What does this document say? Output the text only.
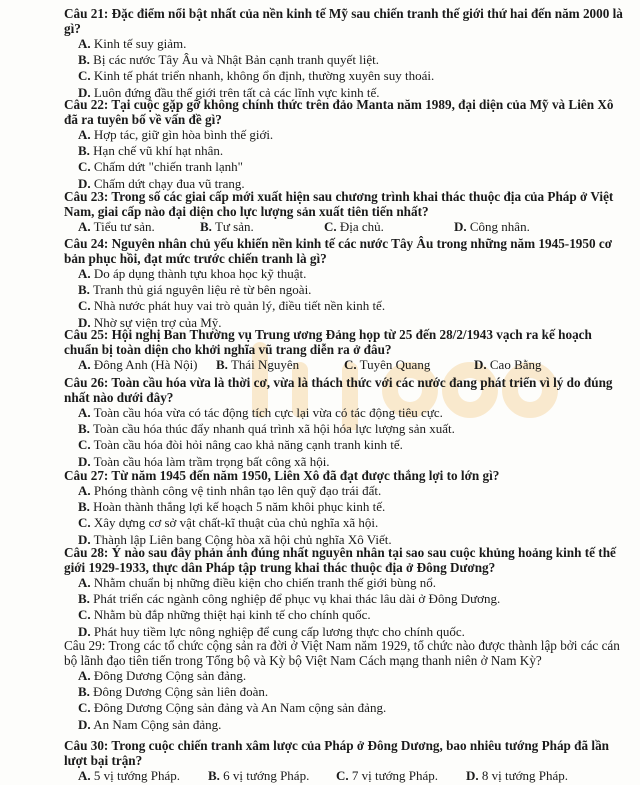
Câu 21: Đặc điểm nổi bật nhất của nền kinh tế Mỹ sau chiến tranh thế giới thứ hai đến năm 2000 là gì?

A. Kinh tế suy giảm.
B. Bị các nước Tây Âu và Nhật Bản cạnh tranh quyết liệt.
C. Kinh tế phát triển nhanh, không ổn định, thường xuyên suy thoái.
D. Luôn đứng đầu thế giới trên tất cả các lĩnh vực kinh tế.

Câu 22: Tại cuộc gặp gỡ không chính thức trên đảo Manta năm 1989, đại diện của Mỹ và Liên Xô đã ra tuyên bố về vấn đề gì?

A. Hợp tác, giữ gìn hòa bình thế giới.
B. Hạn chế vũ khí hạt nhân.
C. Chấm dứt "chiến tranh lạnh"
D. Chấm dứt chạy đua vũ trang.

Câu 23: Trong số các giai cấp mới xuất hiện sau chương trình khai thác thuộc địa của Pháp ở Việt Nam, giai cấp nào đại diện cho lực lượng sản xuất tiên tiến nhất?

A. Tiểu tư sản.	B. Tư sản.	C. Địa chủ.	D. Công nhân.

Câu 24: Nguyên nhân chủ yếu khiến nền kinh tế các nước Tây Âu trong những năm 1945-1950 cơ bản phục hồi, đạt mức trước chiến tranh là gì?

A. Do áp dụng thành tựu khoa học kỹ thuật.
B. Tranh thủ giá nguyên liệu rẻ từ bên ngoài.
C. Nhà nước phát huy vai trò quản lý, điều tiết nền kinh tế.
D. Nhờ sự viện trợ của Mỹ.

Câu 25: Hội nghị Ban Thường vụ Trung ương Đảng họp từ 25 đến 28/2/1943 vạch ra kế hoạch chuẩn bị toàn diện cho khởi nghĩa vũ trang diễn ra ở đâu?

A. Đông Anh (Hà Nội)	B. Thái Nguyên	C. Tuyên Quang	D. Cao Bằng

Câu 26: Toàn cầu hóa vừa là thời cơ, vừa là thách thức với các nước đang phát triển vì lý do đúng nhất nào dưới đây?

A. Toàn cầu hóa vừa có tác động tích cực lại vừa có tác động tiêu cực.
B. Toàn cầu hóa thúc đẩy nhanh quá trình xã hội hóa lực lượng sản xuất.
C. Toàn cầu hóa đòi hỏi nâng cao khả năng cạnh tranh kinh tế.
D. Toàn cầu hóa làm trầm trọng bất công xã hội.

Câu 27: Từ năm 1945 đến năm 1950, Liên Xô đã đạt được thắng lợi to lớn gì?

A. Phóng thành công vệ tinh nhân tạo lên quỹ đạo trái đất.
B. Hoàn thành thắng lợi kế hoạch 5 năm khôi phục kinh tế.
C. Xây dựng cơ sở vật chất-kĩ thuật của chủ nghĩa xã hội.
D. Thành lập Liên bang Cộng hòa xã hội chủ nghĩa Xô Viết.

Câu 28: Ý nào sau đây phản ánh đúng nhất nguyên nhân tại sao sau cuộc khủng hoảng kinh tế thế giới 1929-1933, thực dân Pháp tập trung khai thác thuộc địa ở Đông Dương?

A. Nhằm chuẩn bị những điều kiện cho chiến tranh thế giới bùng nổ.
B. Phát triển các ngành công nghiệp để phục vụ khai thác lâu dài ở Đông Dương.
C. Nhằm bù đắp những thiệt hại kinh tế cho chính quốc.
D. Phát huy tiềm lực nông nghiệp để cung cấp lương thực cho chính quốc.

Câu 29: Trong các tổ chức cộng sản ra đời ở Việt Nam năm 1929, tổ chức nào được thành lập bởi các cán bộ lãnh đạo tiên tiến trong Tổng bộ và Kỳ bộ Việt Nam Cách mạng thanh niên ở Nam Kỳ?

A. Đông Dương Cộng sản đảng.
B. Đông Dương Cộng sản liên đoàn.
C. Đông Dương Cộng sản đảng và An Nam cộng sản đảng.
D. An Nam Cộng sản đảng.

Câu 30: Trong cuộc chiến tranh xâm lược của Pháp ở Đông Dương, bao nhiêu tướng Pháp đã lần lượt bại trận?

A. 5 vị tướng Pháp.	B. 6 vị tướng Pháp.	C. 7 vị tướng Pháp.	D. 8 vị tướng Pháp.
